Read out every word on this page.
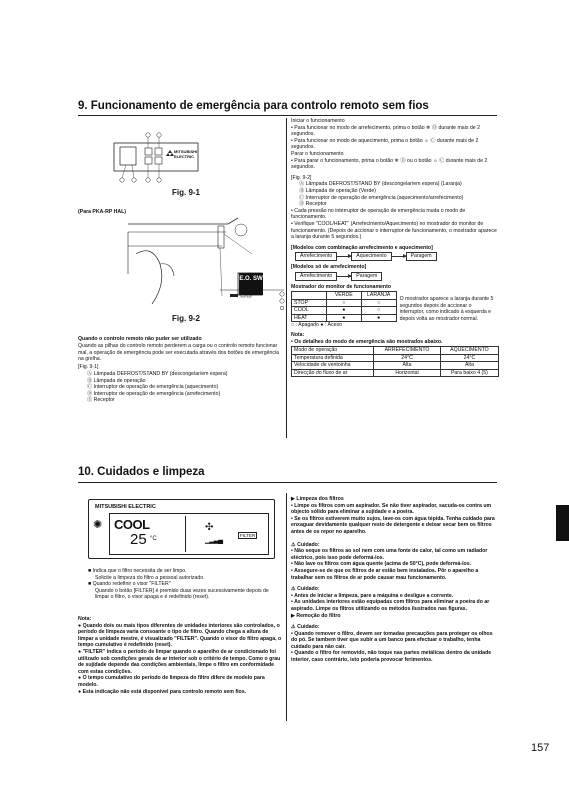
9. Funcionamento de emergência para controlo remoto sem fios
MITSUBISHI ELECTRIC
Fig. 9-1
(Para PKA-RP HAL)
E.O. SW
Fig. 9-2
Quando o controlo remoto não puder ser utilizado
Quando as pilhas do controlo remoto perderem a carga ou o controlo remoto funcionar mal, a operação de emergência pode ser executada através dos botões de emergência na grelha.
[Fig. 9-1]

Ⓐ Lâmpada DEFROST/STAND BY (descongelar/em espera)

Ⓑ Lâmpada de operação

Ⓒ Interruptor de operação de emergência (aquecimento)

Ⓓ Interruptor de operação de emergência (arrefecimento)

Ⓔ Receptor

Iniciar o funcionamento

• Para funcionar no modo de arrefecimento, prima o botão ❄ Ⓓ durante mais de 2 segundos.

• Para funcionar no modo de aquecimento, prima o botão ☼ Ⓒ durante mais de 2 segundos.

Parar o funcionamento

• Para parar o funcionamento, prima o botão ❄ Ⓓ ou o botão ☼ Ⓒ durante mais de 2 segundos.

[Fig. 9-2]

Ⓐ Lâmpada DEFROST/STAND BY (descongelar/em espera) (Laranja)

Ⓑ Lâmpada de operação (Verde)

Ⓒ Interruptor de operação de emergência (aquecimento/arrefecimento)

Ⓓ Receptor

• Cada pressão no interruptor de operação de emergência muda o modo de funcionamento.

• Verifique "COOL/HEAT" (Arrefecimento/Aquecimento) no mostrador do monitor de funcionamento. (Depois de accionar o interruptor de funcionamento, o mostrador aparece a laranja durante 5 segundos.)

[Modelos com combinação arrefecimento e aquecimento]

Arrefecimento	Aquecimento	Paragem

[Modelos só de arrefecimento]

Arrefecimento	Paragem

Mostrador do monitor de funcionamento

	VERDE	LARANJA	O mostrador aparece a laranja durante 5 segundos depois de accionar o interruptor, como indicado à esquerda e depois volta ao mostrador normal.
STOP	○	○	
COOL	●	○	
HEAT	●	●	

○ : Apagado ● : Aceso

Nota:

• Os detalhes do modo de emergência são mostrados abaixo.

Modo de operação	ARREFECIMENTO	AQUECIMENTO
Temperatura definida	24°C	24°C
Velocidade de ventoinha	Alta	Alta
Direcção do fluxo de ar	Horizontal	Para baixo 4 (5)
10. Cuidados e limpeza
MITSUBISHI ELECTRIC
COOL
25 °C
✣
▁▂▃▄
FILTER
✺

■ Indica que o filtro necessita de ser limpo.

Solicite a limpeza do filtro a pessoal autorizado.

■ Quando redefinir o visor "FILTER"

Quando o botão [FILTER] é premido duas vezes sucessivamente depois de limpar o filtro, o visor apaga e é redefinido (reset).

Nota:

● Quando dois ou mais tipos diferentes de unidades interiores são controlados, o período de limpeza varia consoante o tipo de filtro. Quando chega a altura de limpar a unidade mestre, é visualizado "FILTER". Quando o visor do filtro apaga, o tempo cumulativo é redefinido (reset).

● "FILTER" indica o período de limpar quando o aparelho de ar condicionado foi utilizado sob condições gerais de ar interior sob o critério de tempo. Como o grau de sujidade depende das condições ambientais, limpe o filtro em conformidade com estas condições.

● O tempo cumulativo do período de limpeza do filtro difere de modelo para modelo.

● Esta indicação não está disponível para controlo remoto sem fios.

▶ Limpeza dos filtros

• Limpe os filtros com um aspirador. Se não tiver aspirador, sacuda-os contra um objecto sólido para eliminar a sujidade e a poeira.

• Se os filtros estiverem muito sujos, lave-os com água tépida. Tenha cuidado para enxaguar devidamente qualquer resto de detergente e deixar secar bem os filtros antes de os repor no aparelho.

⚠ Cuidado:

• Não seque os filtros ao sol nem com uma fonte de calor, tal como um radiador eléctrico, pois isso pode deformá-los.

• Não lave os filtros com água quente (acima de 50°C), pode deformá-los.

• Assegure-se de que os filtros de ar estão bem instalados. Pôr o aparelho a trabalhar sem os filtros de ar pode causar mau funcionamento.

⚠ Cuidado:

• Antes de iniciar a limpeza, pare a máquina e desligue a corrente.

• As unidades interiores estão equipadas com filtros para eliminar a poeira do ar aspirado. Limpe os filtros utilizando os métodos ilustrados nas figuras.

▶ Remoção do filtro

⚠ Cuidado:

• Quando remover o filtro, devem ser tomadas precauções para proteger os olhos do pó. Se tambem tiver que subir a um banco para efectuar o trabalho, tenha cuidado para não cair.

• Quando o filtro for removido, não toque nas partes metálicas dentro da unidade interior, caso contrário, isto poderia provocar ferimentos.

157
